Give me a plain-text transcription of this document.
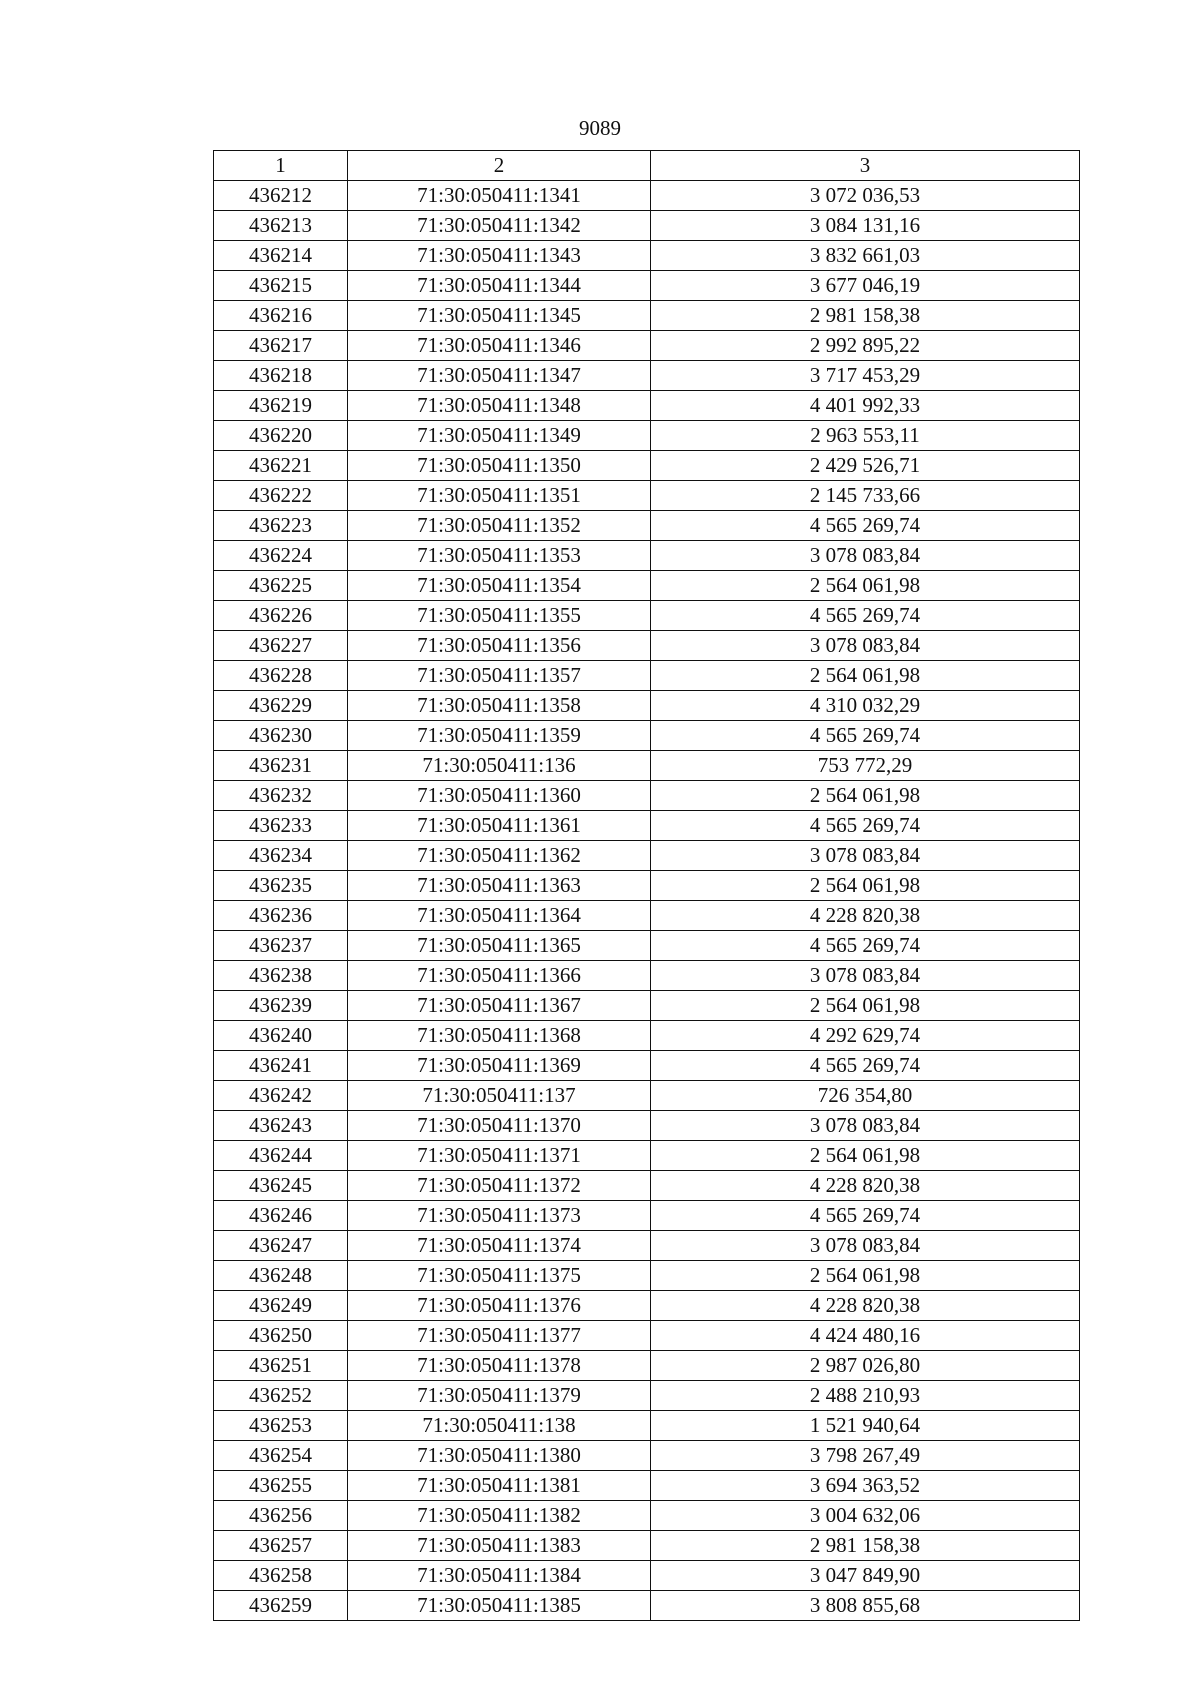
9089
1	2	3
436212	71:30:050411:1341	3 072 036,53
436213	71:30:050411:1342	3 084 131,16
436214	71:30:050411:1343	3 832 661,03
436215	71:30:050411:1344	3 677 046,19
436216	71:30:050411:1345	2 981 158,38
436217	71:30:050411:1346	2 992 895,22
436218	71:30:050411:1347	3 717 453,29
436219	71:30:050411:1348	4 401 992,33
436220	71:30:050411:1349	2 963 553,11
436221	71:30:050411:1350	2 429 526,71
436222	71:30:050411:1351	2 145 733,66
436223	71:30:050411:1352	4 565 269,74
436224	71:30:050411:1353	3 078 083,84
436225	71:30:050411:1354	2 564 061,98
436226	71:30:050411:1355	4 565 269,74
436227	71:30:050411:1356	3 078 083,84
436228	71:30:050411:1357	2 564 061,98
436229	71:30:050411:1358	4 310 032,29
436230	71:30:050411:1359	4 565 269,74
436231	71:30:050411:136	753 772,29
436232	71:30:050411:1360	2 564 061,98
436233	71:30:050411:1361	4 565 269,74
436234	71:30:050411:1362	3 078 083,84
436235	71:30:050411:1363	2 564 061,98
436236	71:30:050411:1364	4 228 820,38
436237	71:30:050411:1365	4 565 269,74
436238	71:30:050411:1366	3 078 083,84
436239	71:30:050411:1367	2 564 061,98
436240	71:30:050411:1368	4 292 629,74
436241	71:30:050411:1369	4 565 269,74
436242	71:30:050411:137	726 354,80
436243	71:30:050411:1370	3 078 083,84
436244	71:30:050411:1371	2 564 061,98
436245	71:30:050411:1372	4 228 820,38
436246	71:30:050411:1373	4 565 269,74
436247	71:30:050411:1374	3 078 083,84
436248	71:30:050411:1375	2 564 061,98
436249	71:30:050411:1376	4 228 820,38
436250	71:30:050411:1377	4 424 480,16
436251	71:30:050411:1378	2 987 026,80
436252	71:30:050411:1379	2 488 210,93
436253	71:30:050411:138	1 521 940,64
436254	71:30:050411:1380	3 798 267,49
436255	71:30:050411:1381	3 694 363,52
436256	71:30:050411:1382	3 004 632,06
436257	71:30:050411:1383	2 981 158,38
436258	71:30:050411:1384	3 047 849,90
436259	71:30:050411:1385	3 808 855,68
